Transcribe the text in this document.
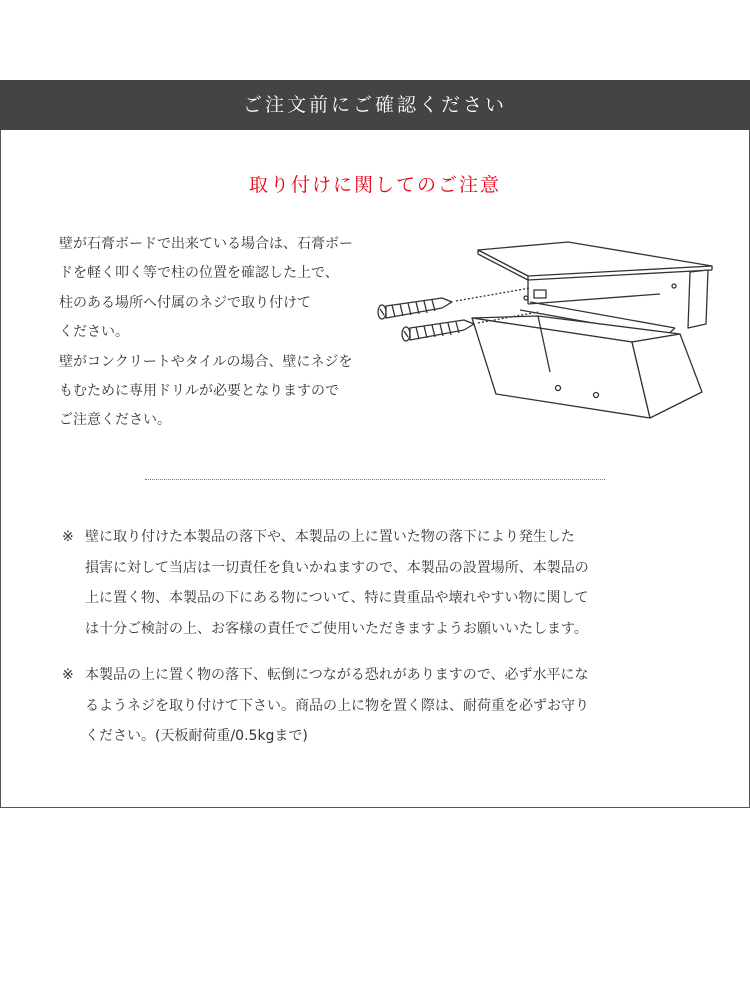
ご注文前にご確認ください
取り付けに関してのご注意
壁が石膏ボードで出来ている場合は、石膏ボー
ドを軽く叩く等で柱の位置を確認した上で、
柱のある場所へ付属のネジで取り付けて
ください。
壁がコンクリートやタイルの場合、壁にネジを
もむために専用ドリルが必要となりますので
ご注意ください。
※ 壁に取り付けた本製品の落下や、本製品の上に置いた物の落下により発生した
損害に対して当店は一切責任を負いかねますので、本製品の設置場所、本製品の
上に置く物、本製品の下にある物について、特に貴重品や壊れやすい物に関して
は十分ご検討の上、お客様の責任でご使用いただきますようお願いいたします。
※ 本製品の上に置く物の落下、転倒につながる恐れがありますので、必ず水平にな
るようネジを取り付けて下さい。商品の上に物を置く際は、耐荷重を必ずお守り
ください。(天板耐荷重/0.5kgまで)
